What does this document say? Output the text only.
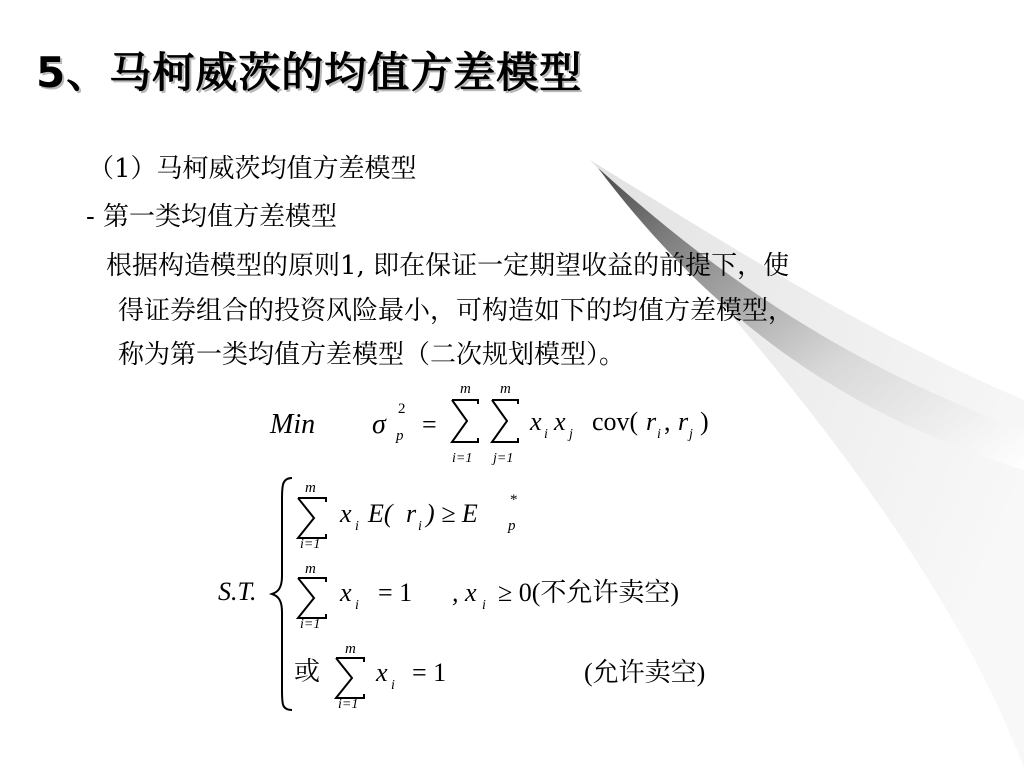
5、马柯威茨的均值方差模型
（1）马柯威茨均值方差模型
- 第一类均值方差模型
根据构造模型的原则1, 即在保证一定期望收益的前提下，使
得证券组合的投资风险最小，可构造如下的均值方差模型，
称为第一类均值方差模型（二次规划模型）。
Min σ 2
p =
m
i=1
m
j=1
x i x j cov( r i , r j )
S.T.
m
i=1
x i E( r i ) ≥ E *
p
m
i=1
x i = 1 , x i ≥ 0(不允许卖空)
或
m
i=1
x i = 1	(允许卖空)
